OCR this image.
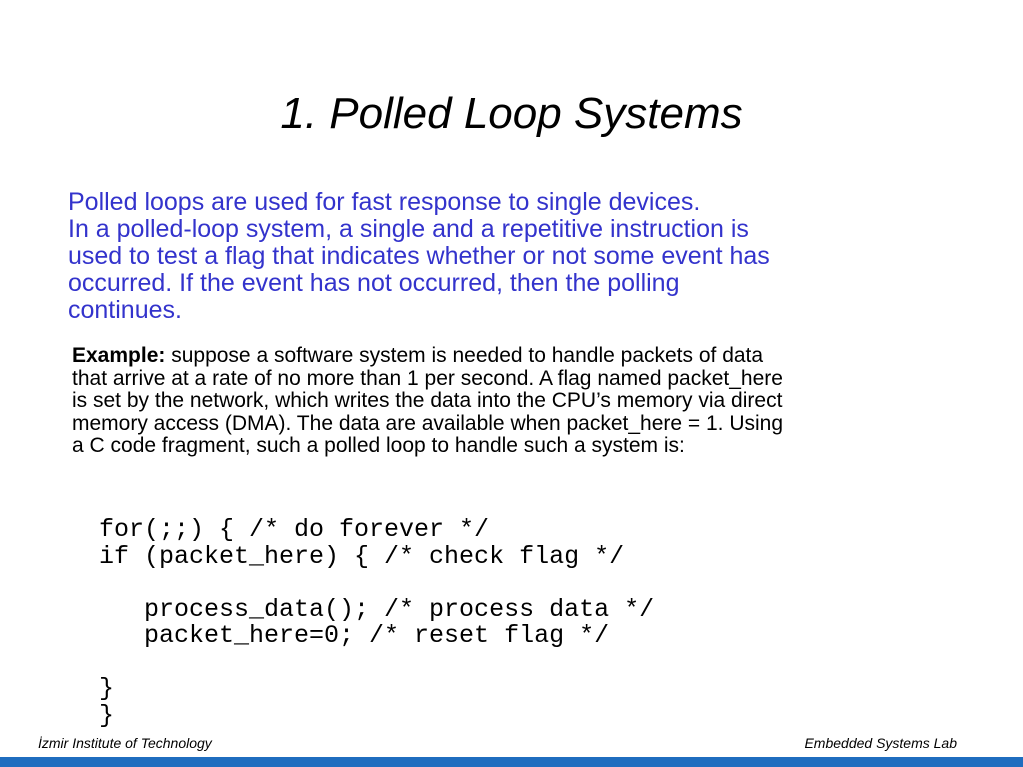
1. Polled Loop Systems
Polled loops are used for fast response to single devices.
In a polled-loop system, a single and a repetitive instruction is
used to test a flag that indicates whether or not some event has
occurred. If the event has not occurred, then the polling
continues.
Example: suppose a software system is needed to handle packets of data
that arrive at a rate of no more than 1 per second. A flag named packet_here
is set by the network, which writes the data into the CPU’s memory via direct
memory access (DMA). The data are available when packet_here = 1. Using
a C code fragment, such a polled loop to handle such a system is:
for(;;) { /* do forever */
if (packet_here) { /* check flag */
process_data(); /* process data */
packet_here=0; /* reset flag */
}
}
İzmir Institute of Technology	Embedded Systems Lab
